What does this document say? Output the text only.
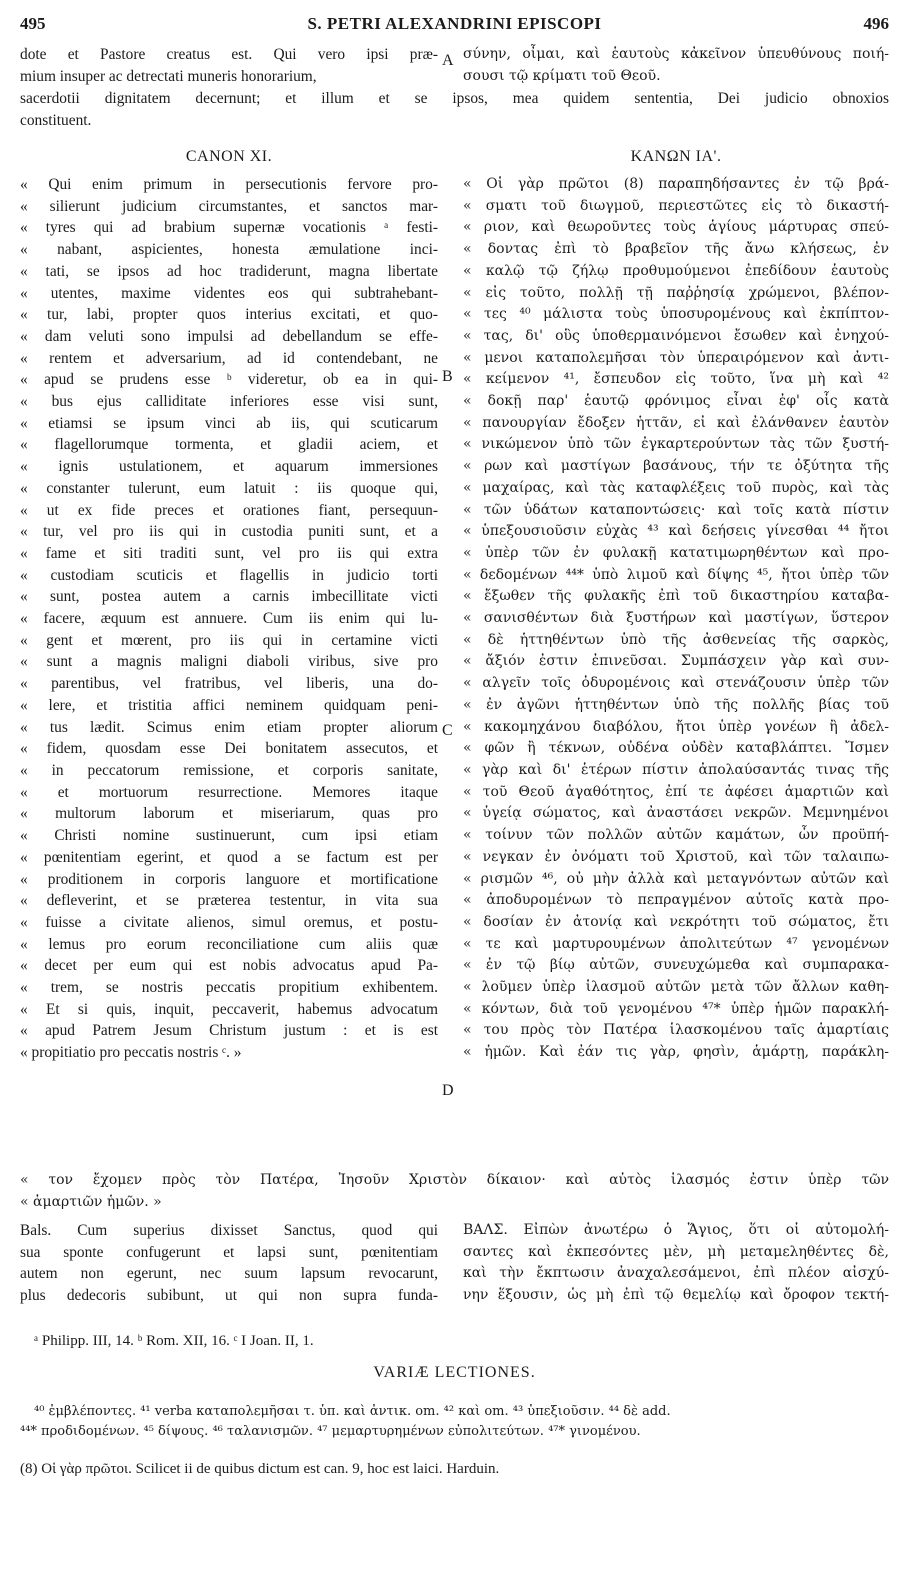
495	S. PETRI ALEXANDRINI EPISCOPI	496
dote et Pastore creatus est. Qui vero ipsi præ-
mium insuper ac detrectati muneris honorarium,
σύνην, οἶμαι, καὶ ἑαυτοὺς κἀκεῖνον ὑπευθύνους ποιή-
σουσι τῷ κρίματι τοῦ Θεοῦ.
sacerdotii dignitatem decernunt; et illum et se ipsos, mea quidem sententia, Dei judicio obnoxios
constituent.
CANON XI.	ΚΑΝΩΝ ΙΑ'.
A
B
C
D
« Qui enim primum in persecutionis fervore pro-
« silierunt judicium circumstantes, et sanctos mar-
« tyres qui ad brabium supernæ vocationis ᵃ festi-
« nabant, aspicientes, honesta æmulatione inci-
« tati, se ipsos ad hoc tradiderunt, magna libertate
« utentes, maxime videntes eos qui subtrahebant-
« tur, labi, propter quos interius excitati, et quo-
« dam veluti sono impulsi ad debellandum se effe-
« rentem et adversarium, ad id contendebant, ne
« apud se prudens esse ᵇ videretur, ob ea in qui-
« bus ejus calliditate inferiores esse visi sunt,
« etiamsi se ipsum vinci ab iis, qui scuticarum
« flagellorumque tormenta, et gladii aciem, et
« ignis ustulationem, et aquarum immersiones
« constanter tulerunt, eum latuit : iis quoque qui,
« ut ex fide preces et orationes fiant, persequun-
« tur, vel pro iis qui in custodia puniti sunt, et a
« fame et siti traditi sunt, vel pro iis qui extra
« custodiam scuticis et flagellis in judicio torti
« sunt, postea autem a carnis imbecillitate victi
« facere, æquum est annuere. Cum iis enim qui lu-
« gent et mœrent, pro iis qui in certamine victi
« sunt a magnis maligni diaboli viribus, sive pro
« parentibus, vel fratribus, vel liberis, una do-
« lere, et tristitia affici neminem quidquam peni-
« tus lædit. Scimus enim etiam propter aliorum
« fidem, quosdam esse Dei bonitatem assecutos, et
« in peccatorum remissione, et corporis sanitate,
« et mortuorum resurrectione. Memores itaque
« multorum laborum et miseriarum, quas pro
« Christi nomine sustinuerunt, cum ipsi etiam
« pœnitentiam egerint, et quod a se factum est per
« proditionem in corporis languore et mortificatione
« defleverint, et se præterea testentur, in vita sua
« fuisse a civitate alienos, simul oremus, et postu-
« lemus pro eorum reconciliatione cum aliis quæ
« decet per eum qui est nobis advocatus apud Pa-
« trem, se nostris peccatis propitium exhibentem.
« Et si quis, inquit, peccaverit, habemus advocatum
« apud Patrem Jesum Christum justum : et is est
« propitiatio pro peccatis nostris ᶜ. »
« Οἱ γὰρ πρῶτοι (8) παραπηδήσαντες ἐν τῷ βρά-
« σματι τοῦ διωγμοῦ, περιεστῶτες εἰς τὸ δικαστή-
« ριον, καὶ θεωροῦντες τοὺς ἁγίους μάρτυρας σπεύ-
« δοντας ἐπὶ τὸ βραβεῖον τῆς ἄνω κλήσεως, ἐν
« καλῷ τῷ ζήλῳ προθυμούμενοι ἐπεδίδουν ἑαυτοὺς
« εἰς τοῦτο, πολλῇ τῇ παῤῥησίᾳ χρώμενοι, βλέπον-
« τες ⁴⁰ μάλιστα τοὺς ὑποσυρομένους καὶ ἐκπίπτον-
« τας, δι' οὓς ὑποθερμαινόμενοι ἔσωθεν καὶ ἐνηχού-
« μενοι καταπολεμῆσαι τὸν ὑπεραιρόμενον καὶ ἀντι-
« κείμενον ⁴¹, ἔσπευδον εἰς τοῦτο, ἵνα μὴ καὶ ⁴²
« δοκῇ παρ' ἑαυτῷ φρόνιμος εἶναι ἐφ' οἷς κατὰ
« πανουργίαν ἔδοξεν ἡττᾶν, εἰ καὶ ἐλάνθανεν ἑαυτὸν
« νικώμενον ὑπὸ τῶν ἐγκαρτερούντων τὰς τῶν ξυστή-
« ρων καὶ μαστίγων βασάνους, τήν τε ὀξύτητα τῆς
« μαχαίρας, καὶ τὰς καταφλέξεις τοῦ πυρὸς, καὶ τὰς
« τῶν ὑδάτων καταποντώσεις· καὶ τοῖς κατὰ πίστιν
« ὑπεξουσιοῦσιν εὐχὰς ⁴³ καὶ δεήσεις γίνεσθαι ⁴⁴ ἤτοι
« ὑπὲρ τῶν ἐν φυλακῇ κατατιμωρηθέντων καὶ προ-
« δεδομένων ⁴⁴* ὑπὸ λιμοῦ καὶ δίψης ⁴⁵, ἤτοι ὑπὲρ τῶν
« ἔξωθεν τῆς φυλακῆς ἐπὶ τοῦ δικαστηρίου καταβα-
« σανισθέντων διὰ ξυστήρων καὶ μαστίγων, ὕστερον
« δὲ ἡττηθέντων ὑπὸ τῆς ἀσθενείας τῆς σαρκὸς,
« ἄξιόν ἐστιν ἐπινεῦσαι. Συμπάσχειν γὰρ καὶ συν-
« αλγεῖν τοῖς ὀδυρομένοις καὶ στενάζουσιν ὑπὲρ τῶν
« ἐν ἀγῶνι ἡττηθέντων ὑπὸ τῆς πολλῆς βίας τοῦ
« κακομηχάνου διαβόλου, ἤτοι ὑπὲρ γονέων ἢ ἀδελ-
« φῶν ἢ τέκνων, οὐδένα οὐδὲν καταβλάπτει. Ἴσμεν
« γὰρ καὶ δι' ἑτέρων πίστιν ἀπολαύσαντάς τινας τῆς
« τοῦ Θεοῦ ἀγαθότητος, ἐπί τε ἀφέσει ἁμαρτιῶν καὶ
« ὑγείᾳ σώματος, καὶ ἀναστάσει νεκρῶν. Μεμνημένοι
« τοίνυν τῶν πολλῶν αὐτῶν καμάτων, ὧν προϋπή-
« νεγκαν ἐν ὀνόματι τοῦ Χριστοῦ, καὶ τῶν ταλαιπω-
« ρισμῶν ⁴⁶, οὐ μὴν ἀλλὰ καὶ μεταγνόντων αὐτῶν καὶ
« ἀποδυρομένων τὸ πεπραγμένον αὐτοῖς κατὰ προ-
« δοσίαν ἐν ἀτονίᾳ καὶ νεκρότητι τοῦ σώματος, ἔτι
« τε καὶ μαρτυρουμένων ἀπολιτεύτων ⁴⁷ γενομένων
« ἐν τῷ βίῳ αὐτῶν, συνευχώμεθα καὶ συμπαρακα-
« λοῦμεν ὑπὲρ ἱλασμοῦ αὐτῶν μετὰ τῶν ἄλλων καθη-
« κόντων, διὰ τοῦ γενομένου ⁴⁷* ὑπὲρ ἡμῶν παρακλή-
« του πρὸς τὸν Πατέρα ἱλασκομένου ταῖς ἁμαρτίαις
« ἡμῶν. Καὶ ἐάν τις γὰρ, φησὶν, ἁμάρτῃ, παράκλη-
« τον ἔχομεν πρὸς τὸν Πατέρα, Ἰησοῦν Χριστὸν δίκαιον· καὶ αὐτὸς ἱλασμός ἐστιν ὑπὲρ τῶν
« ἁμαρτιῶν ἡμῶν. »
Bals. Cum superius dixisset Sanctus, quod qui
sua sponte confugerunt et lapsi sunt, pœnitentiam
autem non egerunt, nec suum lapsum revocarunt,
plus dedecoris subibunt, ut qui non supra funda-
ΒΑΛΣ. Εἰπὼν ἀνωτέρω ὁ Ἅγιος, ὅτι οἱ αὐτομολή-
σαντες καὶ ἐκπεσόντες μὲν, μὴ μεταμεληθέντες δὲ,
καὶ τὴν ἔκπτωσιν ἀναχαλεσάμενοι, ἐπὶ πλέον αἰσχύ-
νην ἕξουσιν, ὡς μὴ ἐπὶ τῷ θεμελίῳ καὶ ὄροφον τεκτή-
ᵃ Philipp. III, 14. ᵇ Rom. XII, 16. ᶜ I Joan. II, 1.
VARIÆ LECTIONES.
⁴⁰ ἐμβλέποντες. ⁴¹ verba καταπολεμῆσαι τ. ὑπ. καὶ ἀντικ. om. ⁴² καὶ om. ⁴³ ὑπεξιοῦσιν. ⁴⁴ δὲ add.
⁴⁴* προδιδομένων. ⁴⁵ δίψους. ⁴⁶ ταλανισμῶν. ⁴⁷ μεμαρτυρημένων εὐπολιτεύτων. ⁴⁷* γινομένου.
(8) Οἱ γὰρ πρῶτοι. Scilicet ii de quibus dictum est can. 9, hoc est laici. Harduin.
